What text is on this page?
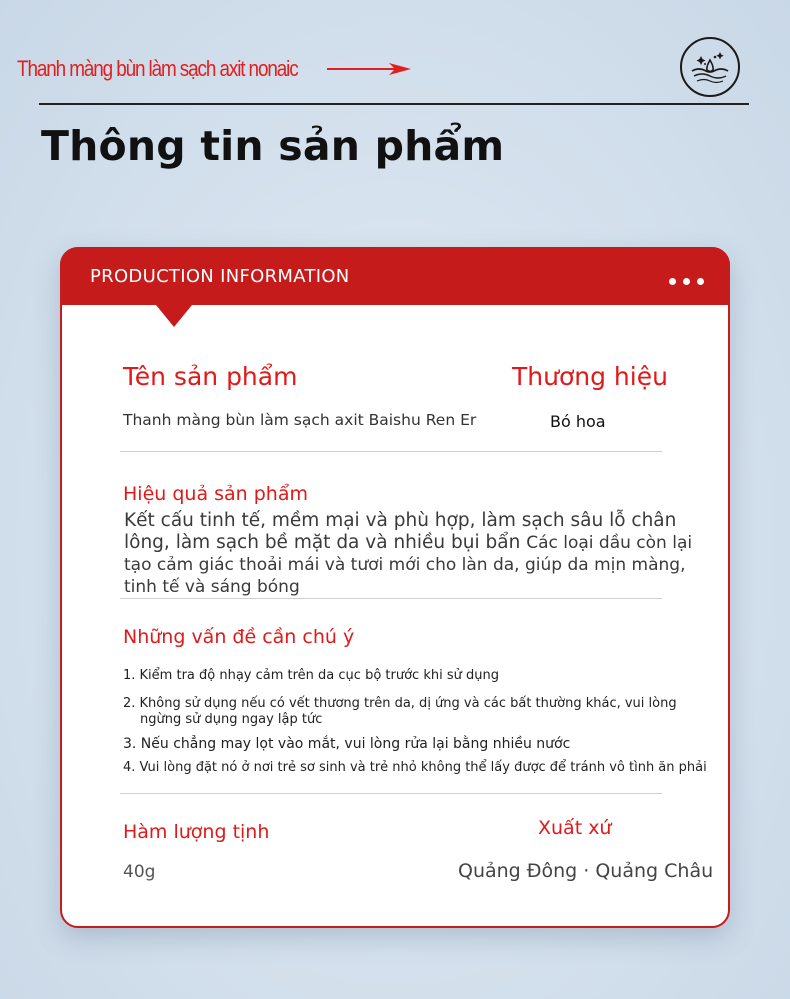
Thanh màng bùn làm sạch axit nonaic
Thông tin sản phẩm
PRODUCTION INFORMATION
Tên sản phẩm	Thương hiệu
Thanh màng bùn làm sạch axit Baishu Ren Er	Bó hoa
Hiệu quả sản phẩm

Kết cấu tinh tế, mềm mại và phù hợp, làm sạch sâu lỗ chân lông, làm sạch bề mặt da và nhiều bụi bẩn Các loại dầu còn lại tạo cảm giác thoải mái và tươi mới cho làn da, giúp da mịn màng, tinh tế và sáng bóng

Những vấn đề cần chú ý
1. Kiểm tra độ nhạy cảm trên da cục bộ trước khi sử dụng
2. Không sử dụng nếu có vết thương trên da, dị ứng và các bất thường khác, vui lòng
ngừng sử dụng ngay lập tức
3. Nếu chẳng may lọt vào mắt, vui lòng rửa lại bằng nhiều nước
4. Vui lòng đặt nó ở nơi trẻ sơ sinh và trẻ nhỏ không thể lấy được để tránh vô tình ăn phải
Hàm lượng tịnh	Xuất xứ
40g	Quảng Đông · Quảng Châu
